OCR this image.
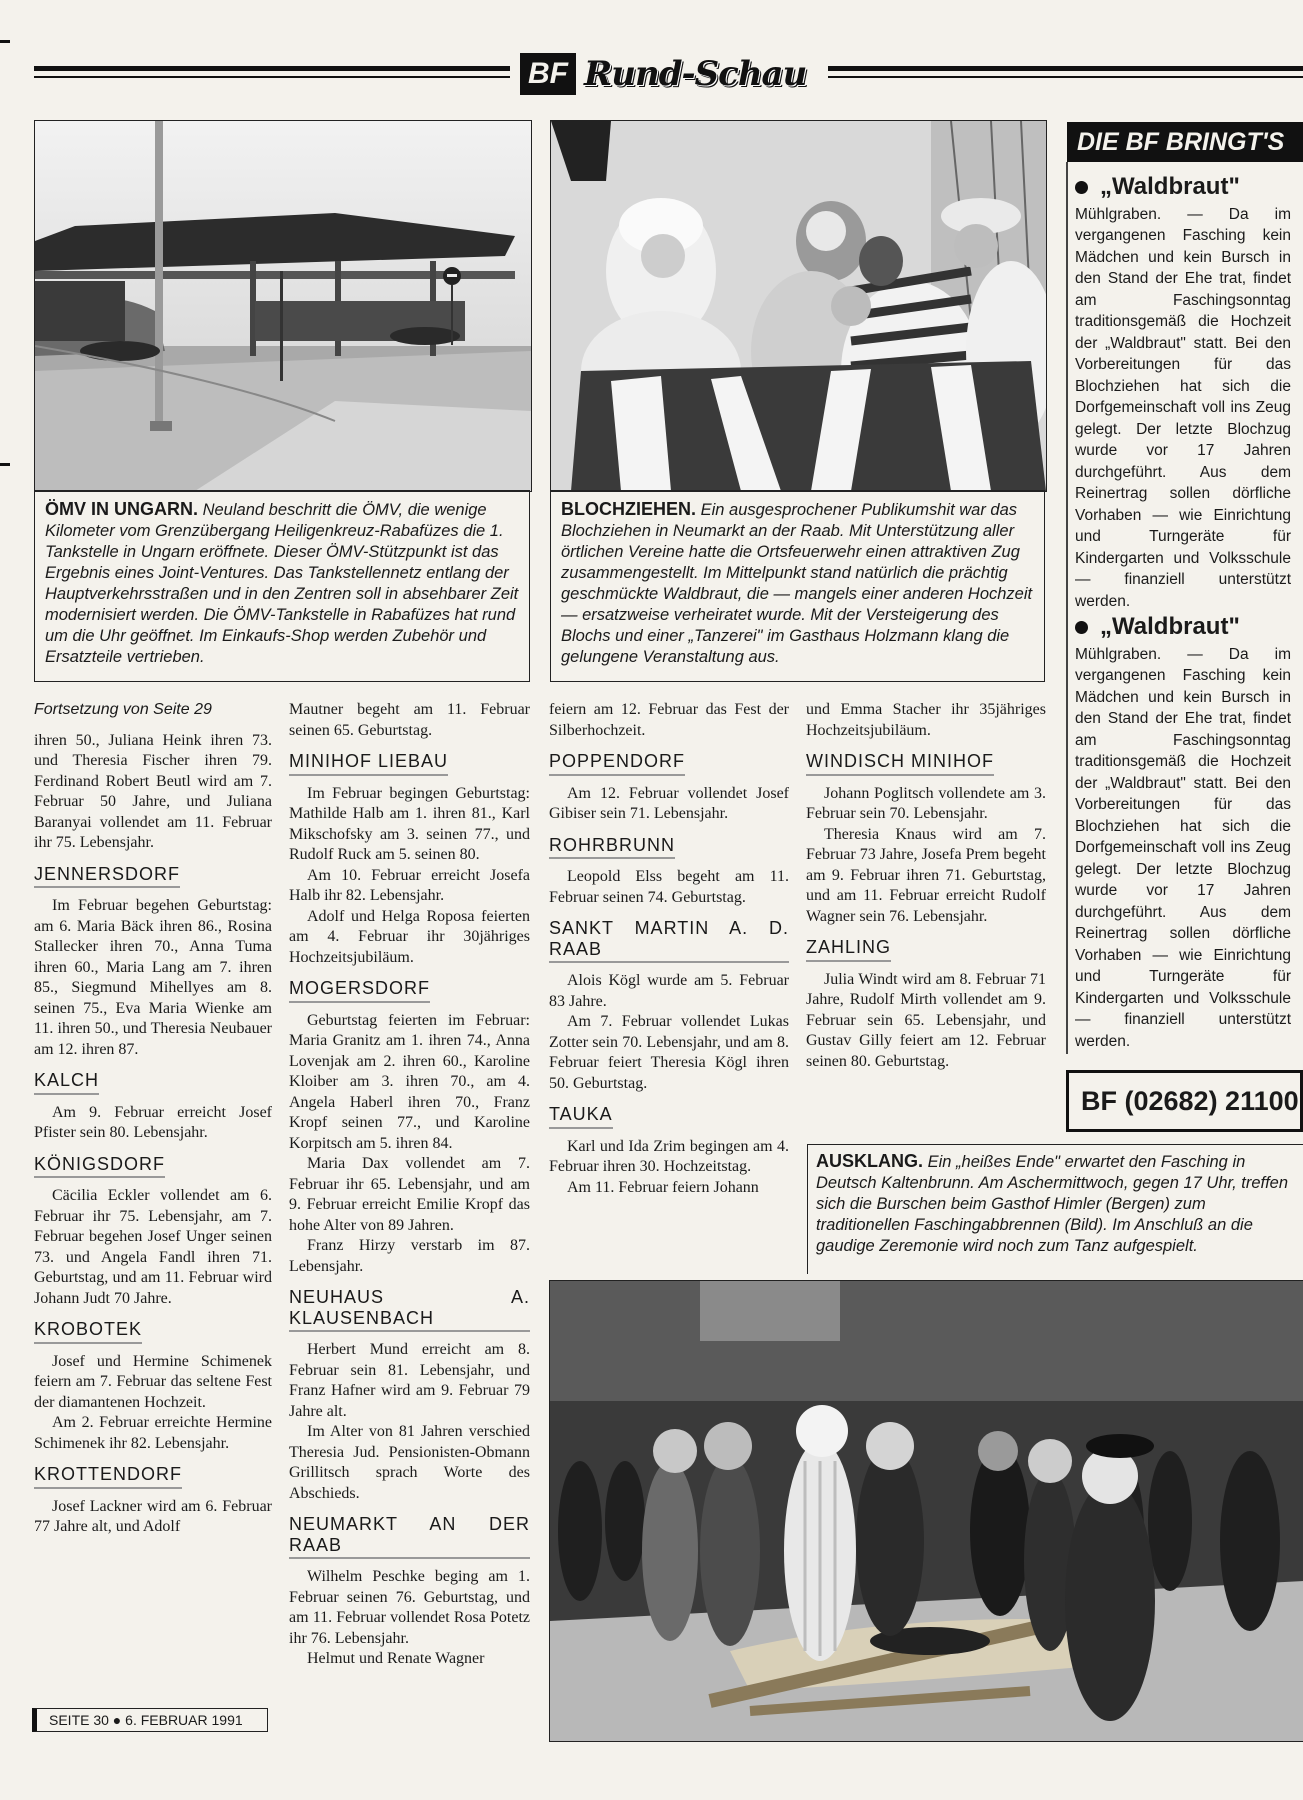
BF Rund-Schau
ÖMV IN UNGARN. Neuland beschritt die ÖMV, die wenige Kilometer vom Grenzübergang Heiligenkreuz-Rabafüzes die 1. Tankstelle in Ungarn eröffnete. Dieser ÖMV-Stützpunkt ist das Ergebnis eines Joint-Ventures. Das Tankstellennetz entlang der Hauptverkehrsstraßen und in den Zentren soll in absehbarer Zeit modernisiert werden. Die ÖMV-Tankstelle in Rabafüzes hat rund um die Uhr geöffnet. Im Einkaufs-Shop werden Zubehör und Ersatzteile vertrieben.
BLOCHZIEHEN. Ein ausgesprochener Publikumshit war das Blochziehen in Neumarkt an der Raab. Mit Unterstützung aller örtlichen Vereine hatte die Ortsfeuerwehr einen attraktiven Zug zusammengestellt. Im Mittelpunkt stand natürlich die prächtig geschmückte Waldbraut, die — mangels einer anderen Hochzeit — ersatzweise verheiratet wurde. Mit der Versteigerung des Blochs und einer „Tanzerei" im Gasthaus Holzmann klang die gelungene Veranstaltung aus.
DIE BF BRINGT'S
„Waldbraut"

Mühlgraben. — Da im vergangenen Fasching kein Mädchen und kein Bursch in den Stand der Ehe trat, findet am Faschingsonntag traditionsgemäß die Hochzeit der „Waldbraut" statt. Bei den Vorbereitungen für das Blochziehen hat sich die Dorfgemeinschaft voll ins Zeug gelegt. Der letzte Blochzug wurde vor 17 Jahren durchgeführt. Aus dem Reinertrag sollen dörfliche Vorhaben — wie Einrichtung und Turngeräte für Kindergarten und Volksschule — finanziell unterstützt werden.

„Waldbraut"

Mühlgraben. — Da im vergangenen Fasching kein Mädchen und kein Bursch in den Stand der Ehe trat, findet am Faschingsonntag traditionsgemäß die Hochzeit der „Waldbraut" statt. Bei den Vorbereitungen für das Blochziehen hat sich die Dorfgemeinschaft voll ins Zeug gelegt. Der letzte Blochzug wurde vor 17 Jahren durchgeführt. Aus dem Reinertrag sollen dörfliche Vorhaben — wie Einrichtung und Turngeräte für Kindergarten und Volksschule — finanziell unterstützt werden.

BF (02682) 21100

Fortsetzung von Seite 29

ihren 50., Juliana Heink ihren 73. und Theresia Fischer ihren 79. Ferdinand Robert Beutl wird am 7. Februar 50 Jahre, und Juliana Baranyai vollendet am 11. Februar ihr 75. Lebensjahr.

JENNERSDORF

Im Februar begehen Geburtstag: am 6. Maria Bäck ihren 86., Rosina Stallecker ihren 70., Anna Tuma ihren 60., Maria Lang am 7. ihren 85., Siegmund Mihellyes am 8. seinen 75., Eva Maria Wienke am 11. ihren 50., und Theresia Neubauer am 12. ihren 87.

KALCH

Am 9. Februar erreicht Josef Pfister sein 80. Lebensjahr.

KÖNIGSDORF

Cäcilia Eckler vollendet am 6. Februar ihr 75. Lebensjahr, am 7. Februar begehen Josef Unger seinen 73. und Angela Fandl ihren 71. Geburtstag, und am 11. Februar wird Johann Judt 70 Jahre.

KROBOTEK

Josef und Hermine Schimenek feiern am 7. Februar das seltene Fest der diamantenen Hochzeit.

Am 2. Februar erreichte Hermine Schimenek ihr 82. Lebensjahr.

KROTTENDORF

Josef Lackner wird am 6. Februar 77 Jahre alt, und Adolf

Mautner begeht am 11. Februar seinen 65. Geburtstag.

MINIHOF LIEBAU

Im Februar begingen Geburtstag: Mathilde Halb am 1. ihren 81., Karl Mikschofsky am 3. seinen 77., und Rudolf Ruck am 5. seinen 80.

Am 10. Februar erreicht Josefa Halb ihr 82. Lebensjahr.

Adolf und Helga Roposa feierten am 4. Februar ihr 30jähriges Hochzeitsjubiläum.

MOGERSDORF

Geburtstag feierten im Februar: Maria Granitz am 1. ihren 74., Anna Lovenjak am 2. ihren 60., Karoline Kloiber am 3. ihren 70., am 4. Angela Haberl ihren 70., Franz Kropf seinen 77., und Karoline Korpitsch am 5. ihren 84.

Maria Dax vollendet am 7. Februar ihr 65. Lebensjahr, und am 9. Februar erreicht Emilie Kropf das hohe Alter von 89 Jahren.

Franz Hirzy verstarb im 87. Lebensjahr.

NEUHAUS A. KLAUSENBACH

Herbert Mund erreicht am 8. Februar sein 81. Lebensjahr, und Franz Hafner wird am 9. Februar 79 Jahre alt.

Im Alter von 81 Jahren verschied Theresia Jud. Pensionisten-Obmann Grillitsch sprach Worte des Abschieds.

NEUMARKT AN DER RAAB

Wilhelm Peschke beging am 1. Februar seinen 76. Geburtstag, und am 11. Februar vollendet Rosa Potetz ihr 76. Lebensjahr.

Helmut und Renate Wagner

feiern am 12. Februar das Fest der Silberhochzeit.

POPPENDORF

Am 12. Februar vollendet Josef Gibiser sein 71. Lebensjahr.

ROHRBRUNN

Leopold Elss begeht am 11. Februar seinen 74. Geburtstag.

SANKT MARTIN A. D. RAAB

Alois Kögl wurde am 5. Februar 83 Jahre.

Am 7. Februar vollendet Lukas Zotter sein 70. Lebensjahr, und am 8. Februar feiert Theresia Kögl ihren 50. Geburtstag.

TAUKA

Karl und Ida Zrim begingen am 4. Februar ihren 30. Hochzeitstag.

Am 11. Februar feiern Johann

und Emma Stacher ihr 35jähriges Hochzeitsjubiläum.

WINDISCH MINIHOF

Johann Poglitsch vollendete am 3. Februar sein 70. Lebensjahr.

Theresia Knaus wird am 7. Februar 73 Jahre, Josefa Prem begeht am 9. Februar ihren 71. Geburtstag, und am 11. Februar erreicht Rudolf Wagner sein 76. Lebensjahr.

ZAHLING

Julia Windt wird am 8. Februar 71 Jahre, Rudolf Mirth vollendet am 9. Februar sein 65. Lebensjahr, und Gustav Gilly feiert am 12. Februar seinen 80. Geburtstag.

AUSKLANG. Ein „heißes Ende" erwartet den Fasching in Deutsch Kaltenbrunn. Am Aschermittwoch, gegen 17 Uhr, treffen sich die Burschen beim Gasthof Himler (Bergen) zum traditionellen Faschingabbrennen (Bild). Im Anschluß an die gaudige Zeremonie wird noch zum Tanz aufgespielt.
SEITE 30 ● 6. FEBRUAR 1991
